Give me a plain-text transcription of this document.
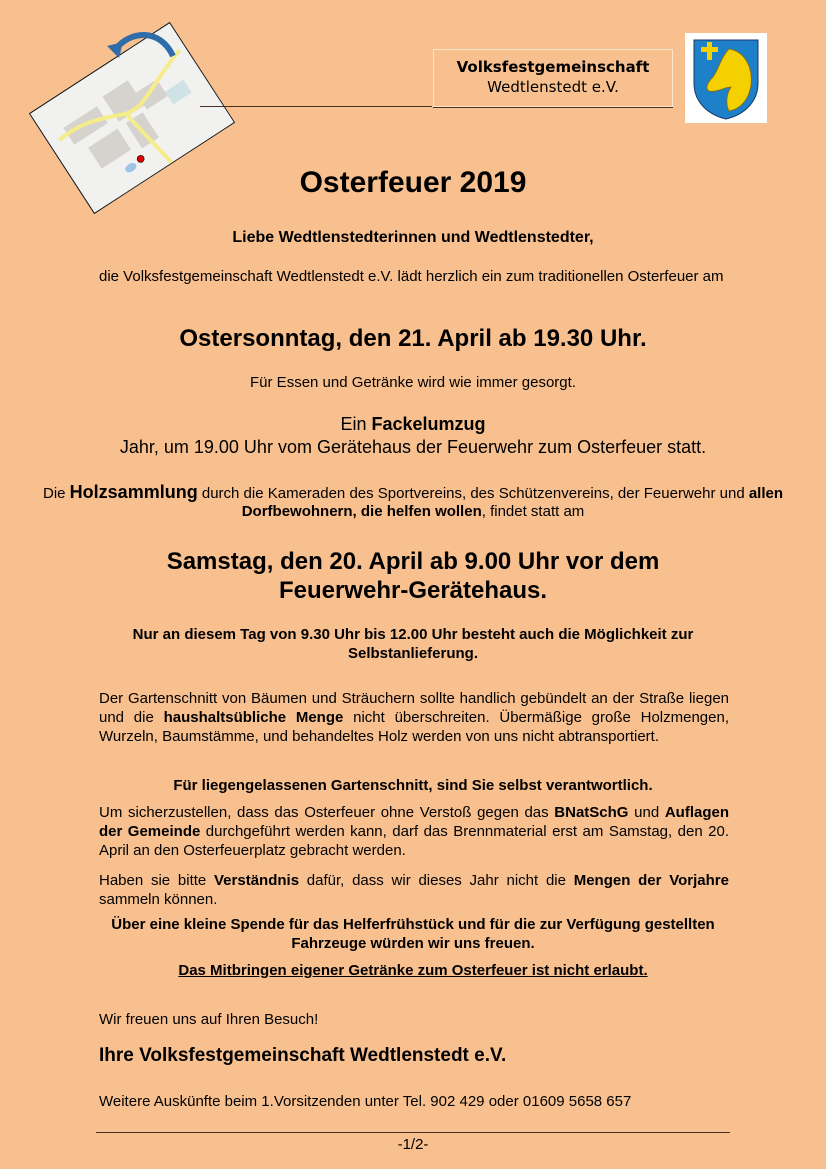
Volksfestgemeinschaft
Wedtlenstedt e.V.
Osterfeuer 2019
Liebe Wedtlenstedterinnen und Wedtlenstedter,
die Volksfestgemeinschaft Wedtlenstedt e.V. lädt herzlich ein zum traditionellen Osterfeuer am
Ostersonntag, den 21. April ab 19.30 Uhr.
Für Essen und Getränke wird wie immer gesorgt.
Ein Fackelumzug
Jahr, um 19.00 Uhr vom Gerätehaus der Feuerwehr zum Osterfeuer statt.
Die Holzsammlung durch die Kameraden des Sportvereins, des Schützenvereins, der Feuerwehr und allen Dorfbewohnern, die helfen wollen, findet statt am
Samstag, den 20. April ab 9.00 Uhr vor dem Feuerwehr-Gerätehaus.
Nur an diesem Tag von 9.30 Uhr bis 12.00 Uhr besteht auch die Möglichkeit zur Selbstanlieferung.
Der Gartenschnitt von Bäumen und Sträuchern sollte handlich gebündelt an der Straße liegen und die haushaltsübliche Menge nicht überschreiten. Übermäßige große Holzmengen, Wurzeln, Baumstämme, und behandeltes Holz werden von uns nicht abtransportiert.
Für liegengelassenen Gartenschnitt, sind Sie selbst verantwortlich.
Um sicherzustellen, dass das Osterfeuer ohne Verstoß gegen das BNatSchG und Auflagen der Gemeinde durchgeführt werden kann, darf das Brennmaterial erst am Samstag, den 20. April an den Osterfeuerplatz gebracht werden.
Haben sie bitte Verständnis dafür, dass wir dieses Jahr nicht die Mengen der Vorjahre sammeln können.
Über eine kleine Spende für das Helferfrühstück und für die zur Verfügung gestellten Fahrzeuge würden wir uns freuen.
Das Mitbringen eigener Getränke zum Osterfeuer ist nicht erlaubt.
Wir freuen uns auf Ihren Besuch!
Ihre Volksfestgemeinschaft Wedtlenstedt e.V.
Weitere Auskünfte beim 1.Vorsitzenden unter Tel. 902 429 oder 01609 5658 657
-1/2-
